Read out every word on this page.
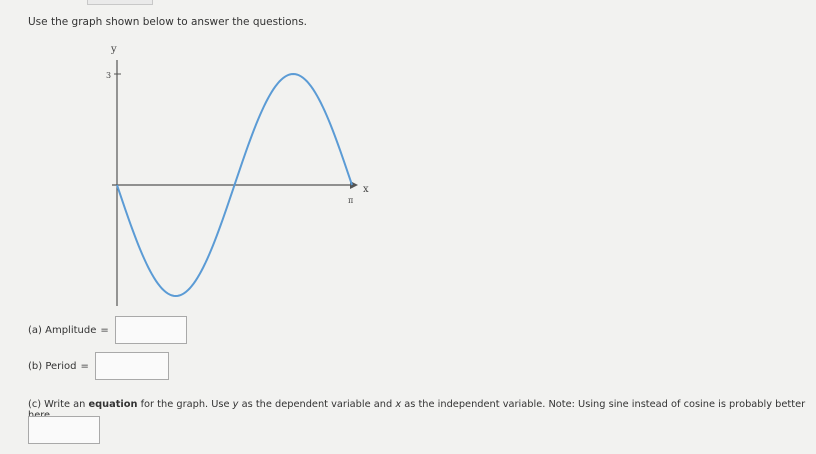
Use the graph shown below to answer the questions.
y
x
3
π
(a) Amplitude =
(b) Period =
(c) Write an equation for the graph. Use y as the dependent variable and x as the independent variable. Note: Using sine instead of cosine is probably better
